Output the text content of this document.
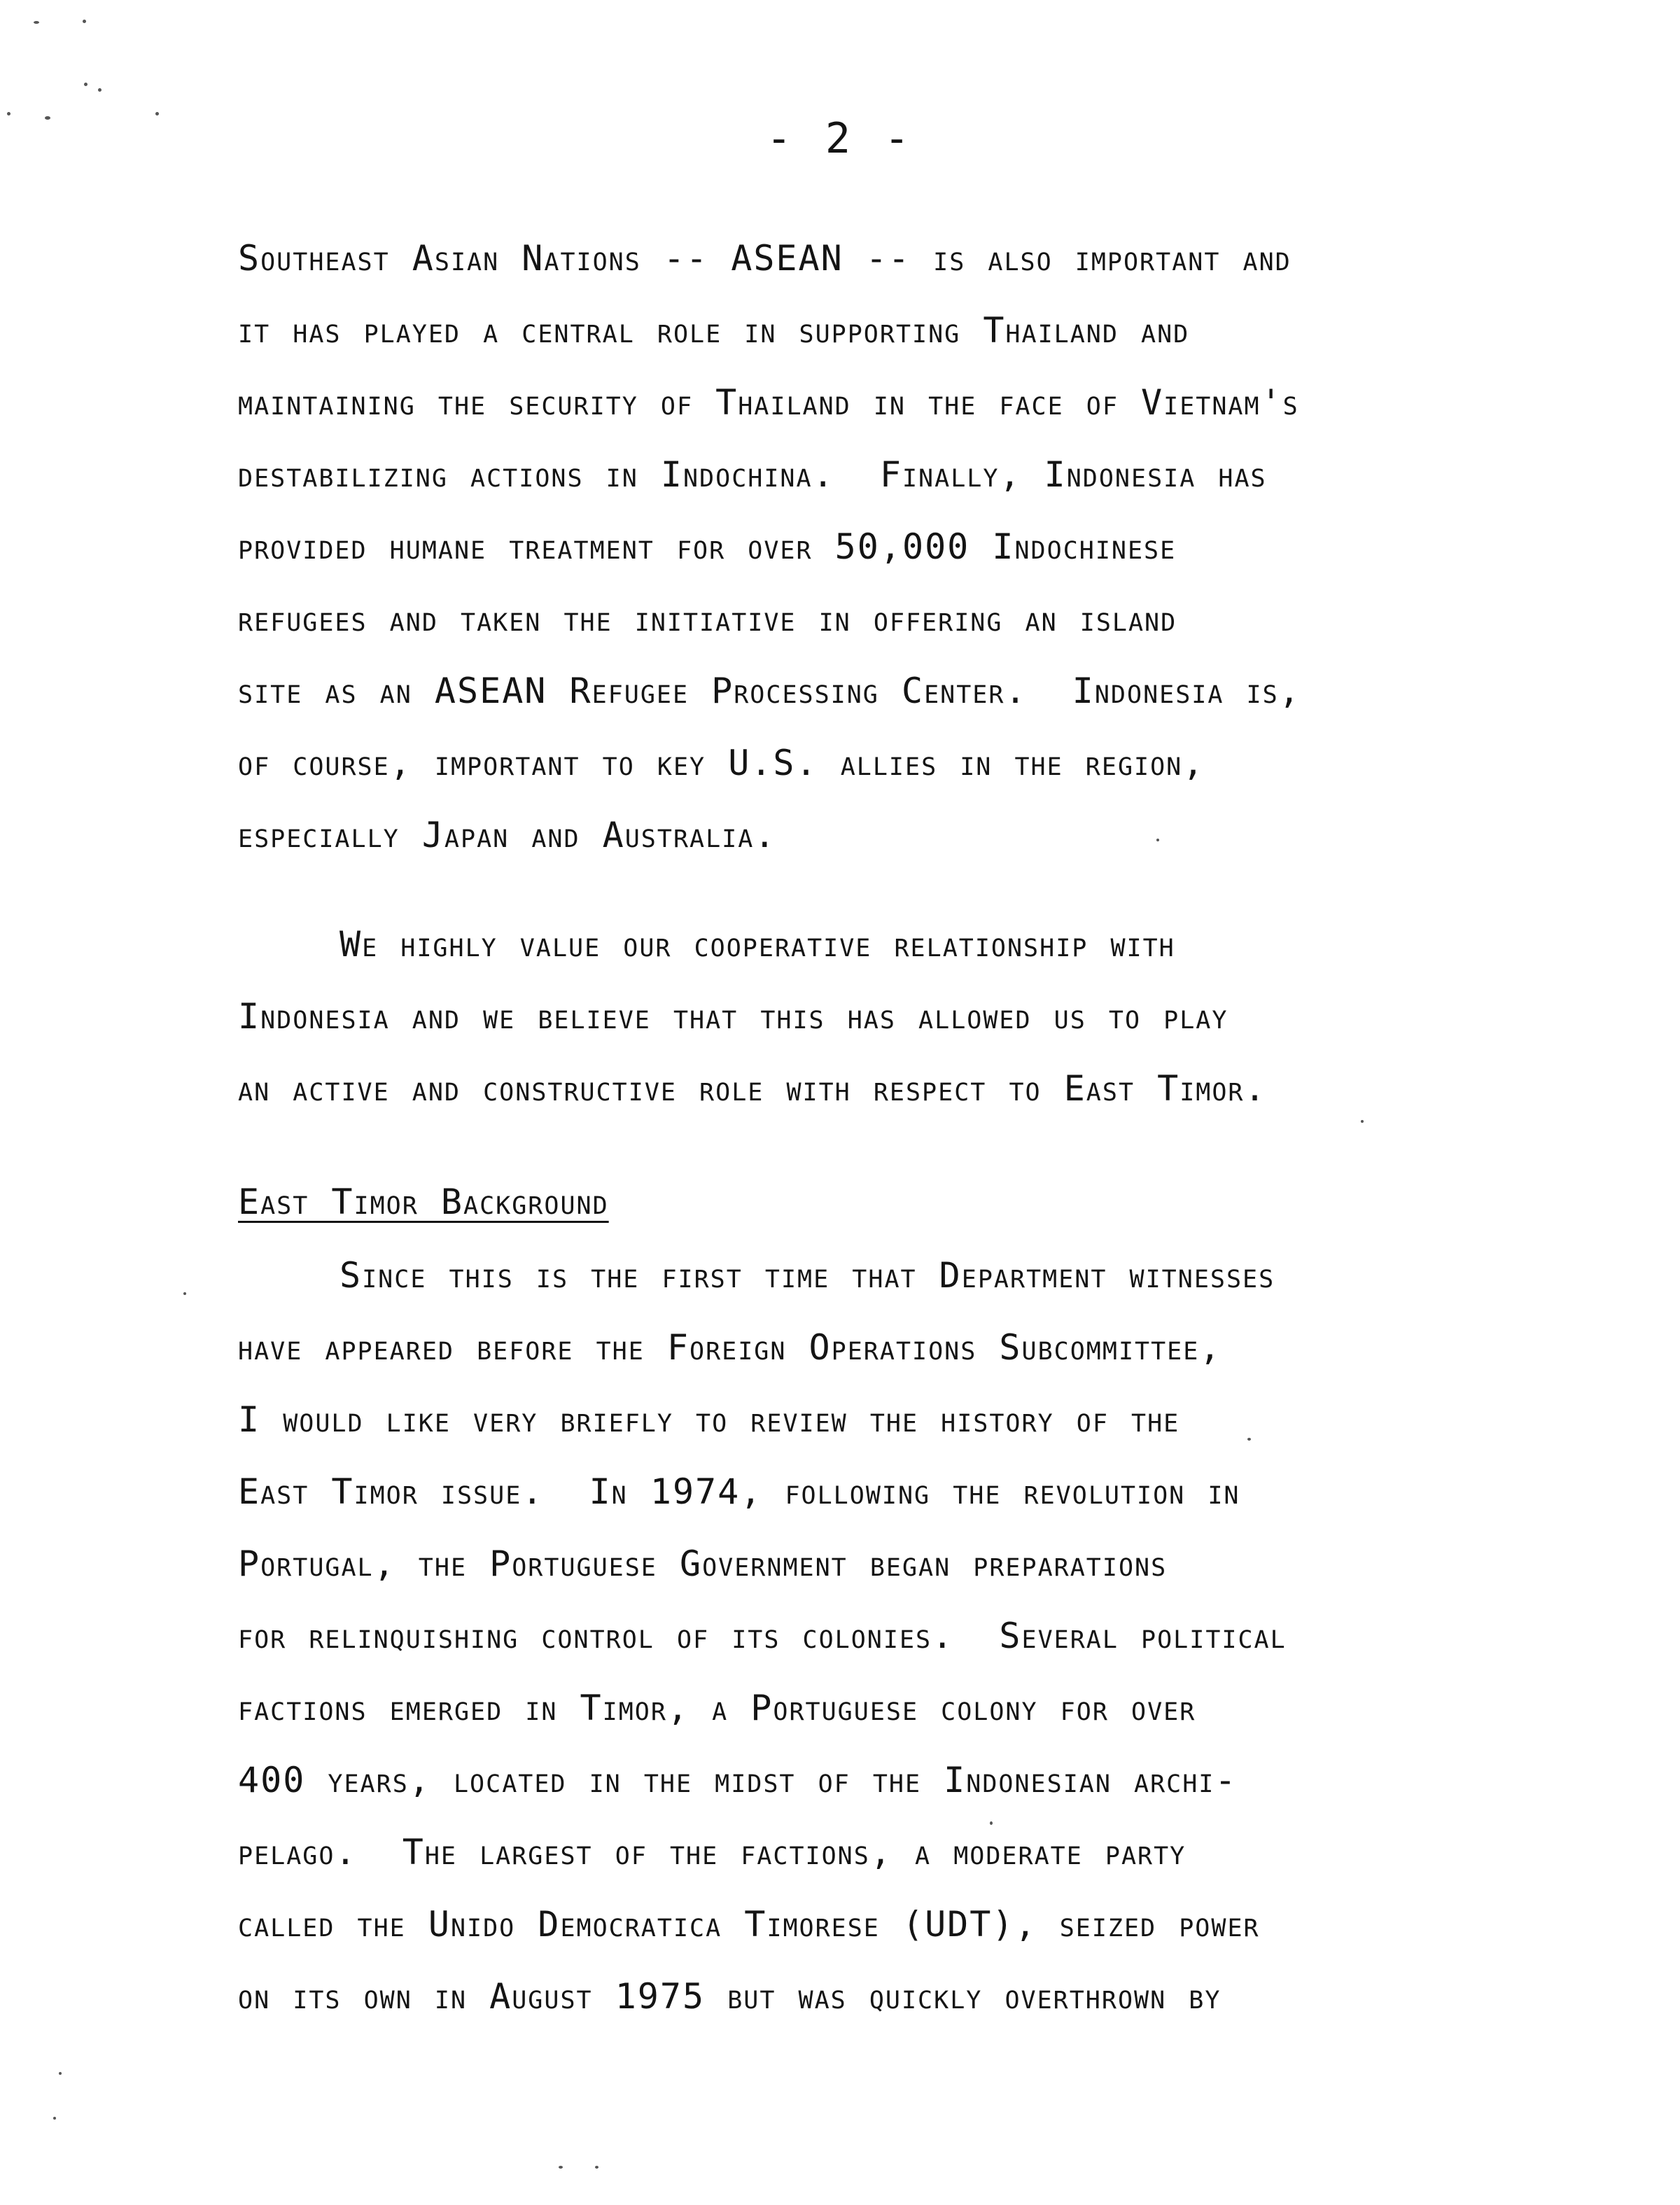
- 2 -
Southeast Asian Nations -- ASEAN -- is also important and
it has played a central role in supporting Thailand and
maintaining the security of Thailand in the face of Vietnam's
destabilizing actions in Indochina.  Finally, Indonesia has
provided humane treatment for over 50,000 Indochinese
refugees and taken the initiative in offering an island
site as an ASEAN Refugee Processing Center.  Indonesia is,
of course, important to key U.S. allies in the region,
especially Japan and Australia.
We highly value our cooperative relationship with
Indonesia and we believe that this has allowed us to play
an active and constructive role with respect to East Timor.
East Timor Background
Since this is the first time that Department witnesses
have appeared before the Foreign Operations Subcommittee,
I would like very briefly to review the history of the
East Timor issue.  In 1974, following the revolution in
Portugal, the Portuguese Government began preparations
for relinquishing control of its colonies.  Several political
factions emerged in Timor, a Portuguese colony for over
400 years, located in the midst of the Indonesian archi-
pelago.  The largest of the factions, a moderate party
called the Unido Democratica Timorese (UDT), seized power
on its own in August 1975 but was quickly overthrown by
